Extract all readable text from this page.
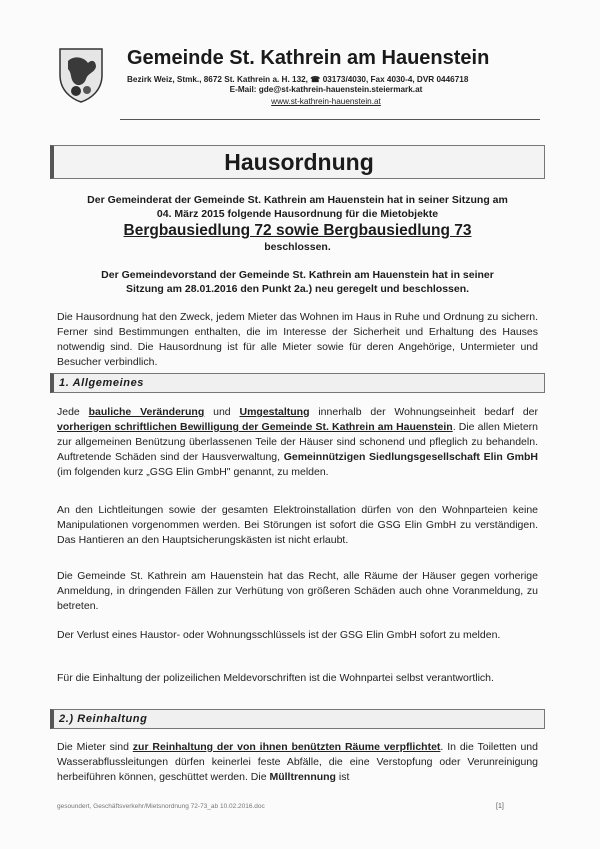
Gemeinde St. Kathrein am Hauenstein
Bezirk Weiz, Stmk., 8672 St. Kathrein a. H. 132, ☎ 03173/4030, Fax 4030-4, DVR 0446718
E-Mail: gde@st-kathrein-hauenstein.steiermark.at
www.st-kathrein-hauenstein.at
Hausordnung
Der Gemeinderat der Gemeinde St. Kathrein am Hauenstein hat in seiner Sitzung am
04. März 2015 folgende Hausordnung für die Mietobjekte
Bergbausiedlung 72 sowie Bergbausiedlung 73
beschlossen.
Der Gemeindevorstand der Gemeinde St. Kathrein am Hauenstein hat in seiner
Sitzung am 28.01.2016 den Punkt 2a.) neu geregelt und beschlossen.
Die Hausordnung hat den Zweck, jedem Mieter das Wohnen im Haus in Ruhe und Ordnung zu sichern. Ferner sind Bestimmungen enthalten, die im Interesse der Sicherheit und Erhaltung des Hauses notwendig sind. Die Hausordnung ist für alle Mieter sowie für deren Angehörige, Untermieter und Besucher verbindlich.
1. Allgemeines
Jede bauliche Veränderung und Umgestaltung innerhalb der Wohnungseinheit bedarf der vorherigen schriftlichen Bewilligung der Gemeinde St. Kathrein am Hauenstein. Die allen Mietern zur allgemeinen Benützung überlassenen Teile der Häuser sind schonend und pfleglich zu behandeln. Auftretende Schäden sind der Hausverwaltung, Gemeinnützigen Siedlungsgesellschaft Elin GmbH (im folgenden kurz „GSG Elin GmbH" genannt, zu melden.
An den Lichtleitungen sowie der gesamten Elektroinstallation dürfen von den Wohnparteien keine Manipulationen vorgenommen werden. Bei Störungen ist sofort die GSG Elin GmbH zu verständigen. Das Hantieren an den Hauptsicherungskästen ist nicht erlaubt.
Die Gemeinde St. Kathrein am Hauenstein hat das Recht, alle Räume der Häuser gegen vorherige Anmeldung, in dringenden Fällen zur Verhütung von größeren Schäden auch ohne Voranmeldung, zu betreten.
Der Verlust eines Haustor- oder Wohnungsschlüssels ist der GSG Elin GmbH sofort zu melden.
Für die Einhaltung der polizeilichen Meldevorschriften ist die Wohnpartei selbst verantwortlich.
2.) Reinhaltung
Die Mieter sind zur Reinhaltung der von ihnen benützten Räume verpflichtet. In die Toiletten und Wasserabflussleitungen dürfen keinerlei feste Abfälle, die eine Verstopfung oder Verunreinigung herbeiführen können, geschüttet werden. Die Mülltrennung ist
gesoundert, Geschäftsverkehr/Mietsnordnung 72-73_ab 10.02.2016.doc	[1]
